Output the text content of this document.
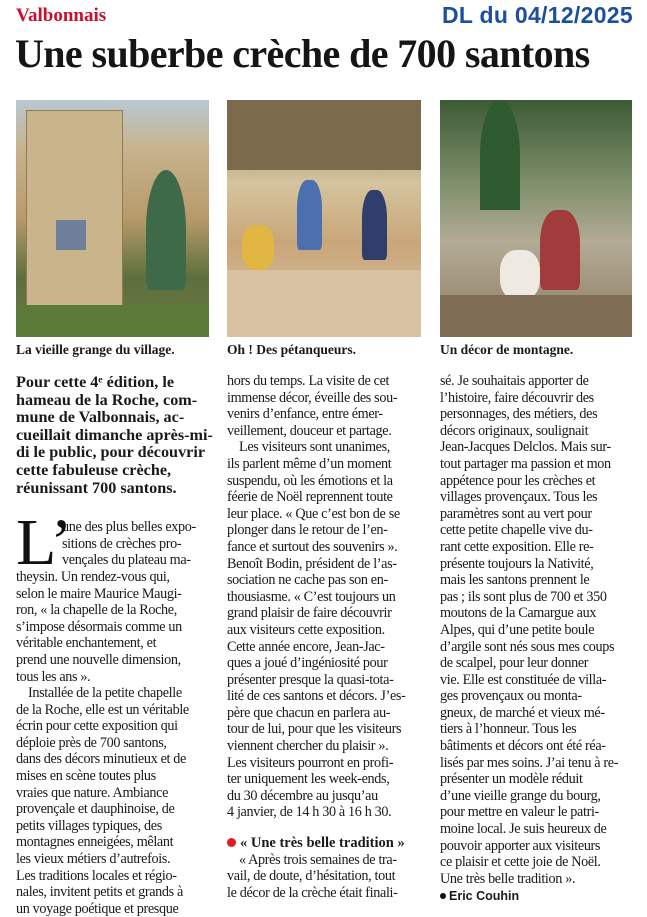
Valbonnais	DL du 04/12/2025
Une suberbe crèche de 700 santons
La vieille grange du village.	Oh ! Des pétanqueurs.	Un décor de montagne.
Pour cette 4ᵉ édition, le
hameau de la Roche, com-
mune de Valbonnais, ac-
cueillait dimanche après-mi-
di le public, pour découvrir
cette fabuleuse crèche,
réunissant 700 santons.
L’
une des plus belles expo-
sitions de crèches pro-
vençales du plateau ma-
theysin. Un rendez-vous qui,
selon le maire Maurice Maugi-
ron, « la chapelle de la Roche,
s’impose désormais comme un
véritable enchantement, et
prend une nouvelle dimension,
tous les ans ».
Installée de la petite chapelle
de la Roche, elle est un véritable
écrin pour cette exposition qui
déploie près de 700 santons,
dans des décors minutieux et de
mises en scène toutes plus
vraies que nature. Ambiance
provençale et dauphinoise, de
petits villages typiques, des
montagnes enneigées, mêlant
les vieux métiers d’autrefois.
Les traditions locales et régio-
nales, invitent petits et grands à
un voyage poétique et presque
hors du temps. La visite de cet
immense décor, éveille des sou-
venirs d’enfance, entre émer-
veillement, douceur et partage.
Les visiteurs sont unanimes,
ils parlent même d’un moment
suspendu, où les émotions et la
féerie de Noël reprennent toute
leur place. « Que c’est bon de se
plonger dans le retour de l’en-
fance et surtout des souvenirs ».
Benoît Bodin, président de l’as-
sociation ne cache pas son en-
thousiasme. « C’est toujours un
grand plaisir de faire découvrir
aux visiteurs cette exposition.
Cette année encore, Jean-Jac-
ques a joué d’ingéniosité pour
présenter presque la quasi-tota-
lité de ces santons et décors. J’es-
père que chacun en parlera au-
tour de lui, pour que les visiteurs
viennent chercher du plaisir ».
Les visiteurs pourront en profi-
ter uniquement les week-ends,
du 30 décembre au jusqu’au
4 janvier, de 14 h 30 à 16 h 30.
« Une très belle tradition »
« Après trois semaines de tra-
vail, de doute, d’hésitation, tout
le décor de la crèche était finali-
sé. Je souhaitais apporter de
l’histoire, faire découvrir des
personnages, des métiers, des
décors originaux, soulignait
Jean-Jacques Delclos. Mais sur-
tout partager ma passion et mon
appétence pour les crèches et
villages provençaux. Tous les
paramètres sont au vert pour
cette petite chapelle vive du-
rant cette exposition. Elle re-
présente toujours la Nativité,
mais les santons prennent le
pas ; ils sont plus de 700 et 350
moutons de la Camargue aux
Alpes, qui d’une petite boule
d’argile sont nés sous mes coups
de scalpel, pour leur donner
vie. Elle est constituée de villa-
ges provençaux ou monta-
gneux, de marché et vieux mé-
tiers à l’honneur. Tous les
bâtiments et décors ont été réa-
lisés par mes soins. J’ai tenu à re-
présenter un modèle réduit
d’une vieille grange du bourg,
pour mettre en valeur le patri-
moine local. Je suis heureux de
pouvoir apporter aux visiteurs
ce plaisir et cette joie de Noël.
Une très belle tradition ».
Eric Couhin
